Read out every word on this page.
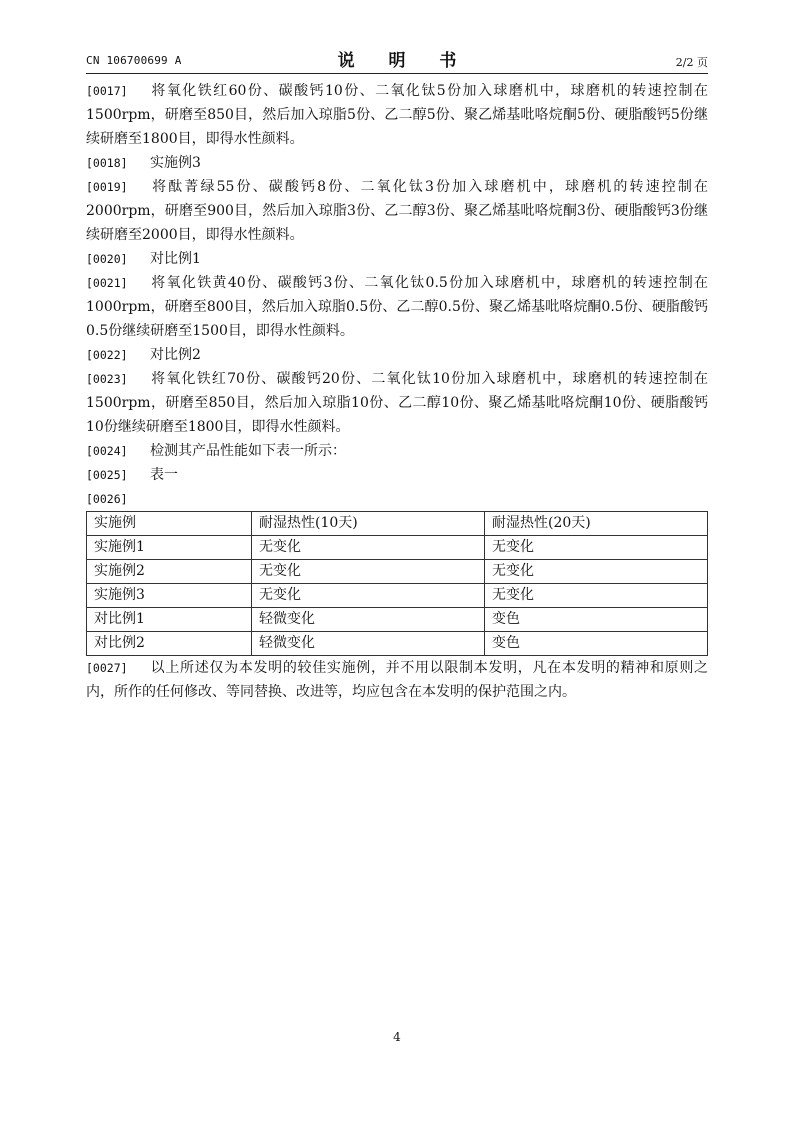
CN 106700699 A	说 明 书	2/2 页
[0017] 将氧化铁红60份、碳酸钙10份、二氧化钛5份加入球磨机中，球磨机的转速控制在1500rpm，研磨至850目，然后加入琼脂5份、乙二醇5份、聚乙烯基吡咯烷酮5份、硬脂酸钙5份继续研磨至1800目，即得水性颜料。
[0018] 实施例3
[0019] 将酞菁绿55份、碳酸钙8份、二氧化钛3份加入球磨机中，球磨机的转速控制在2000rpm，研磨至900目，然后加入琼脂3份、乙二醇3份、聚乙烯基吡咯烷酮3份、硬脂酸钙3份继续研磨至2000目，即得水性颜料。
[0020] 对比例1
[0021] 将氧化铁黄40份、碳酸钙3份、二氧化钛0.5份加入球磨机中，球磨机的转速控制在1000rpm，研磨至800目，然后加入琼脂0.5份、乙二醇0.5份、聚乙烯基吡咯烷酮0.5份、硬脂酸钙0.5份继续研磨至1500目，即得水性颜料。
[0022] 对比例2
[0023] 将氧化铁红70份、碳酸钙20份、二氧化钛10份加入球磨机中，球磨机的转速控制在1500rpm，研磨至850目，然后加入琼脂10份、乙二醇10份、聚乙烯基吡咯烷酮10份、硬脂酸钙10份继续研磨至1800目，即得水性颜料。
[0024] 检测其产品性能如下表一所示：
[0025] 表一
[0026]
实施例	耐湿热性(10天)	耐湿热性(20天)
实施例1	无变化	无变化
实施例2	无变化	无变化
实施例3	无变化	无变化
对比例1	轻微变化	变色
对比例2	轻微变化	变色
[0027] 以上所述仅为本发明的较佳实施例，并不用以限制本发明，凡在本发明的精神和原则之内，所作的任何修改、等同替换、改进等，均应包含在本发明的保护范围之内。
4
